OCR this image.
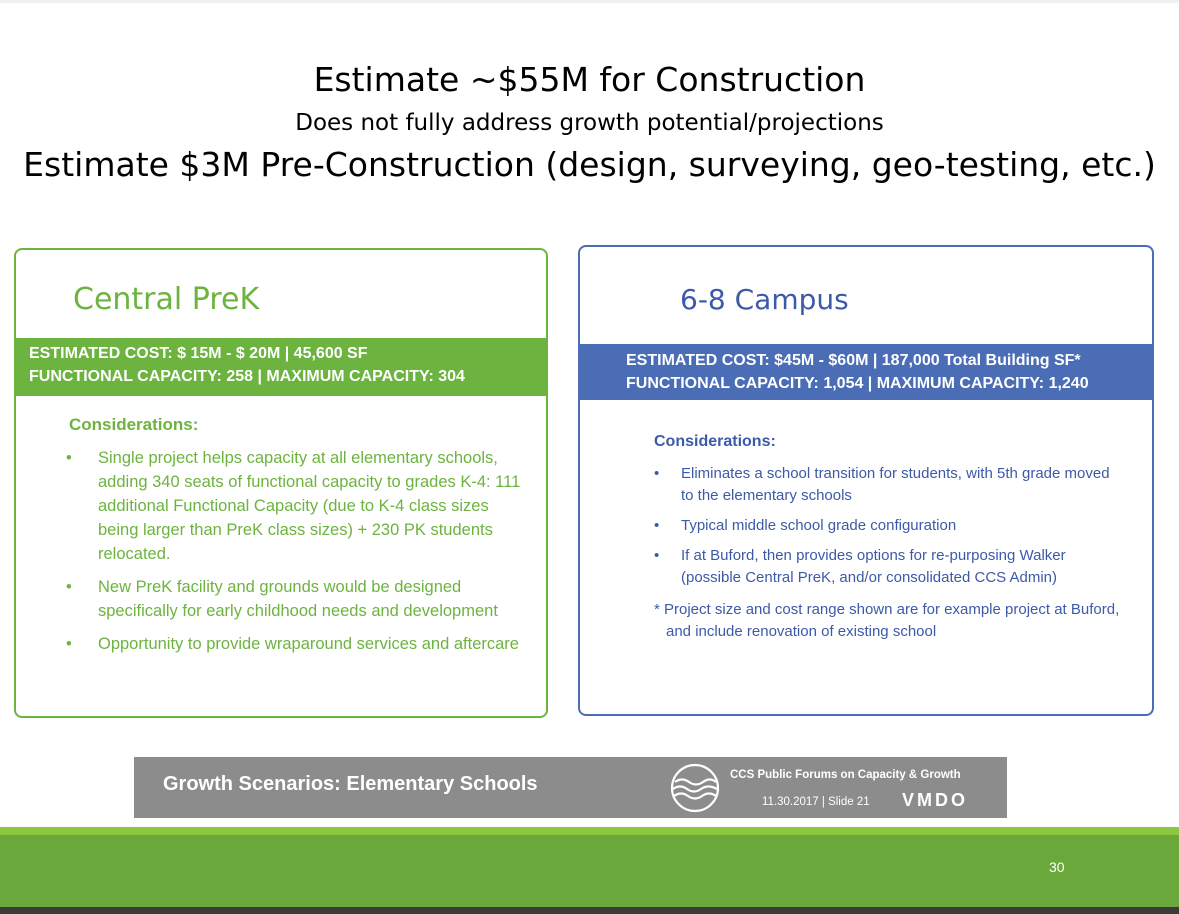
Estimate ~$55M for Construction
Does not fully address growth potential/projections
Estimate $3M Pre-Construction (design, surveying, geo-testing, etc.)
Central PreK
ESTIMATED COST: $ 15M - $ 20M | 45,600 SF
FUNCTIONAL CAPACITY: 258 | MAXIMUM CAPACITY: 304
Considerations:
• Single project helps capacity at all elementary schools, adding 340 seats of functional capacity to grades K-4: 111 additional Functional Capacity (due to K-4 class sizes being larger than PreK class sizes) + 230 PK students relocated.
• New PreK facility and grounds would be designed specifically for early childhood needs and development
• Opportunity to provide wraparound services and aftercare
6-8 Campus
ESTIMATED COST: $45M - $60M | 187,000 Total Building SF*
FUNCTIONAL CAPACITY: 1,054 | MAXIMUM CAPACITY: 1,240
Considerations:
• Eliminates a school transition for students, with 5th grade moved to the elementary schools
• Typical middle school grade configuration
• If at Buford, then provides options for re-purposing Walker (possible Central PreK, and/or consolidated CCS Admin)
* Project size and cost range shown are for example project at Buford, and include renovation of existing school
Growth Scenarios: Elementary Schools	CCS Public Forums on Capacity & Growth
11.30.2017 | Slide 21 VMDO
30
